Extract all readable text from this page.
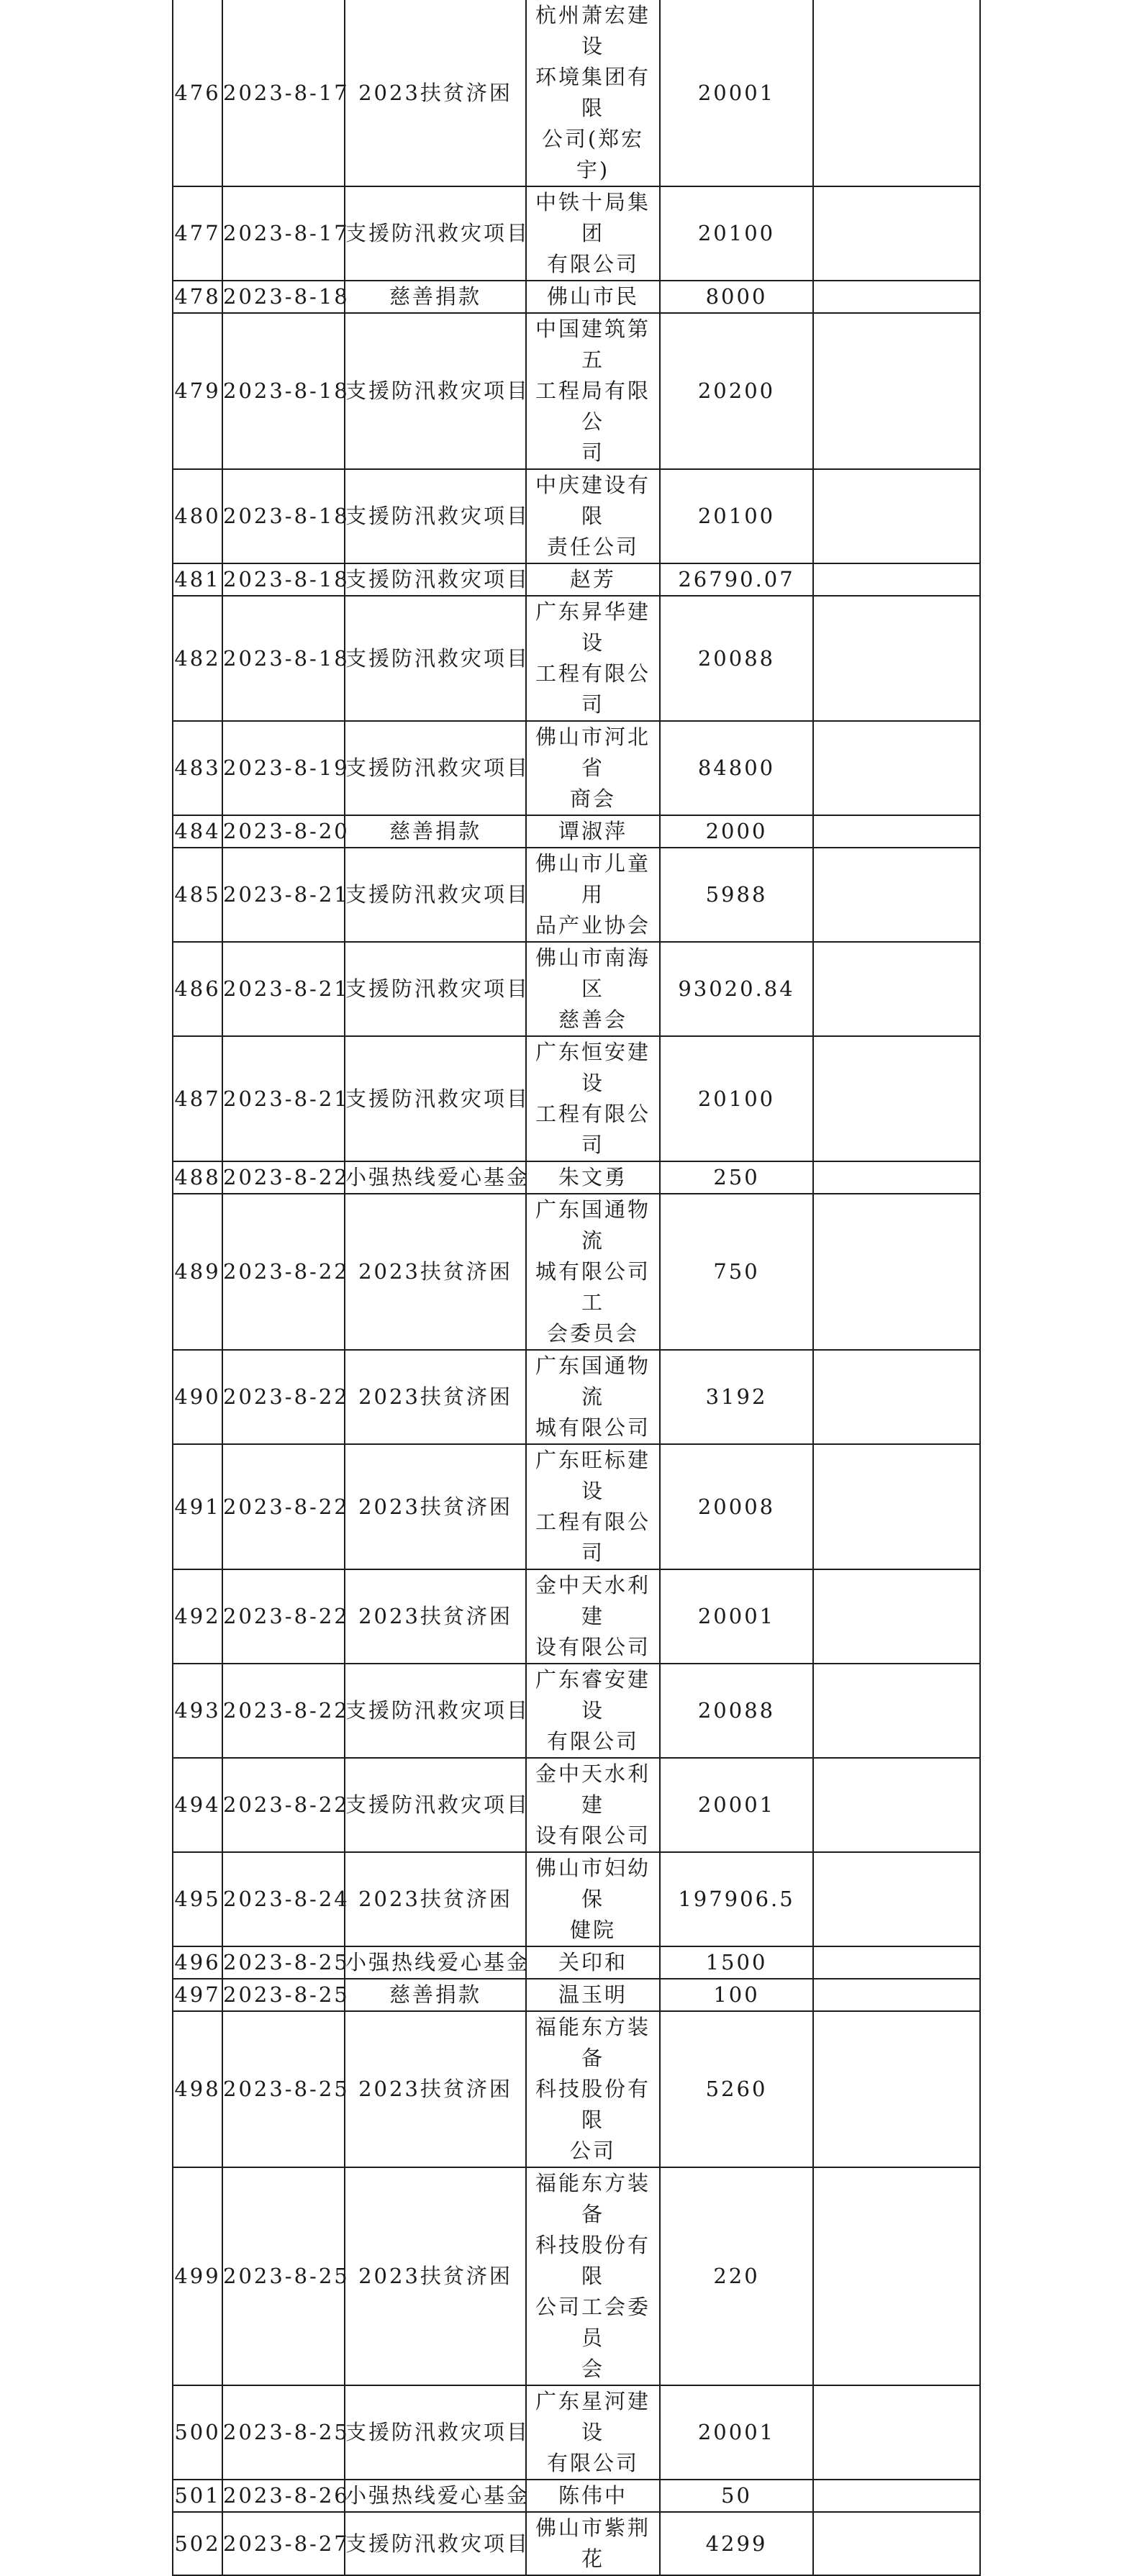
476	2023-8-17	2023扶贫济困	杭州萧宏建设
环境集团有限
公司(郑宏宇)	20001	
477	2023-8-17	支援防汛救灾项目	中铁十局集团
有限公司	20100	
478	2023-8-18	慈善捐款	佛山市民	8000	
479	2023-8-18	支援防汛救灾项目	中国建筑第五
工程局有限公
司	20200	
480	2023-8-18	支援防汛救灾项目	中庆建设有限
责任公司	20100	
481	2023-8-18	支援防汛救灾项目	赵芳	26790.07	
482	2023-8-18	支援防汛救灾项目	广东昇华建设
工程有限公司	20088	
483	2023-8-19	支援防汛救灾项目	佛山市河北省
商会	84800	
484	2023-8-20	慈善捐款	谭淑萍	2000	
485	2023-8-21	支援防汛救灾项目	佛山市儿童用
品产业协会	5988	
486	2023-8-21	支援防汛救灾项目	佛山市南海区
慈善会	93020.84	
487	2023-8-21	支援防汛救灾项目	广东恒安建设
工程有限公司	20100	
488	2023-8-22	小强热线爱心基金	朱文勇	250	
489	2023-8-22	2023扶贫济困	广东国通物流
城有限公司工
会委员会	750	
490	2023-8-22	2023扶贫济困	广东国通物流
城有限公司	3192	
491	2023-8-22	2023扶贫济困	广东旺标建设
工程有限公司	20008	
492	2023-8-22	2023扶贫济困	金中天水利建
设有限公司	20001	
493	2023-8-22	支援防汛救灾项目	广东睿安建设
有限公司	20088	
494	2023-8-22	支援防汛救灾项目	金中天水利建
设有限公司	20001	
495	2023-8-24	2023扶贫济困	佛山市妇幼保
健院	197906.5	
496	2023-8-25	小强热线爱心基金	关印和	1500	
497	2023-8-25	慈善捐款	温玉明	100	
498	2023-8-25	2023扶贫济困	福能东方装备
科技股份有限
公司	5260	
499	2023-8-25	2023扶贫济困	福能东方装备
科技股份有限
公司工会委员
会	220	
500	2023-8-25	支援防汛救灾项目	广东星河建设
有限公司	20001	
501	2023-8-26	小强热线爱心基金	陈伟中	50	
502	2023-8-27	支援防汛救灾项目	佛山市紫荆花	4299	
